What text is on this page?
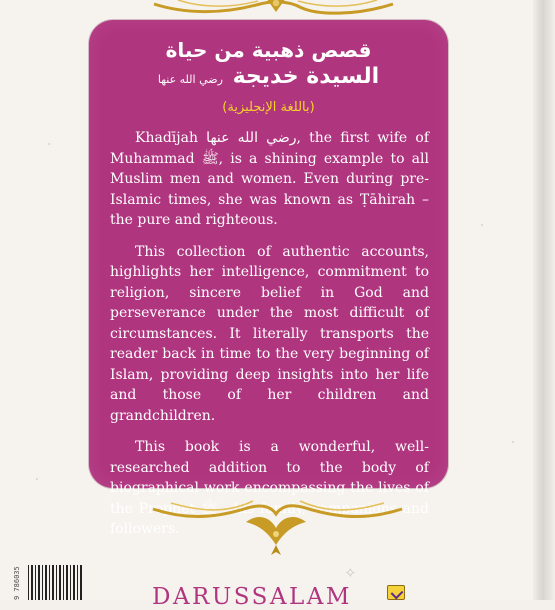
قصص ذهبية من حياة
السيدة خديجة رضي الله عنها
(باللغة الإنجليزية)

Khadījah رضي الله عنها, the first wife of Muhammad ﷺ, is a shining example to all Muslim men and women. Even during pre-Islamic times, she was known as Ṭāhirah – the pure and righteous.

This collection of authentic accounts, highlights her intelligence, commitment to religion, sincere belief in God and perseverance under the most difficult of circumstances. It literally transports the reader back in time to the very beginning of Islam, providing deep insights into her life and those of her children and grandchildren.

This book is a wonderful, well-researched addition to the body of biographical work encompassing the lives of the Prophet ﷺ , his family, companions and followers.

9 786035	✧
DARUSSALAM
